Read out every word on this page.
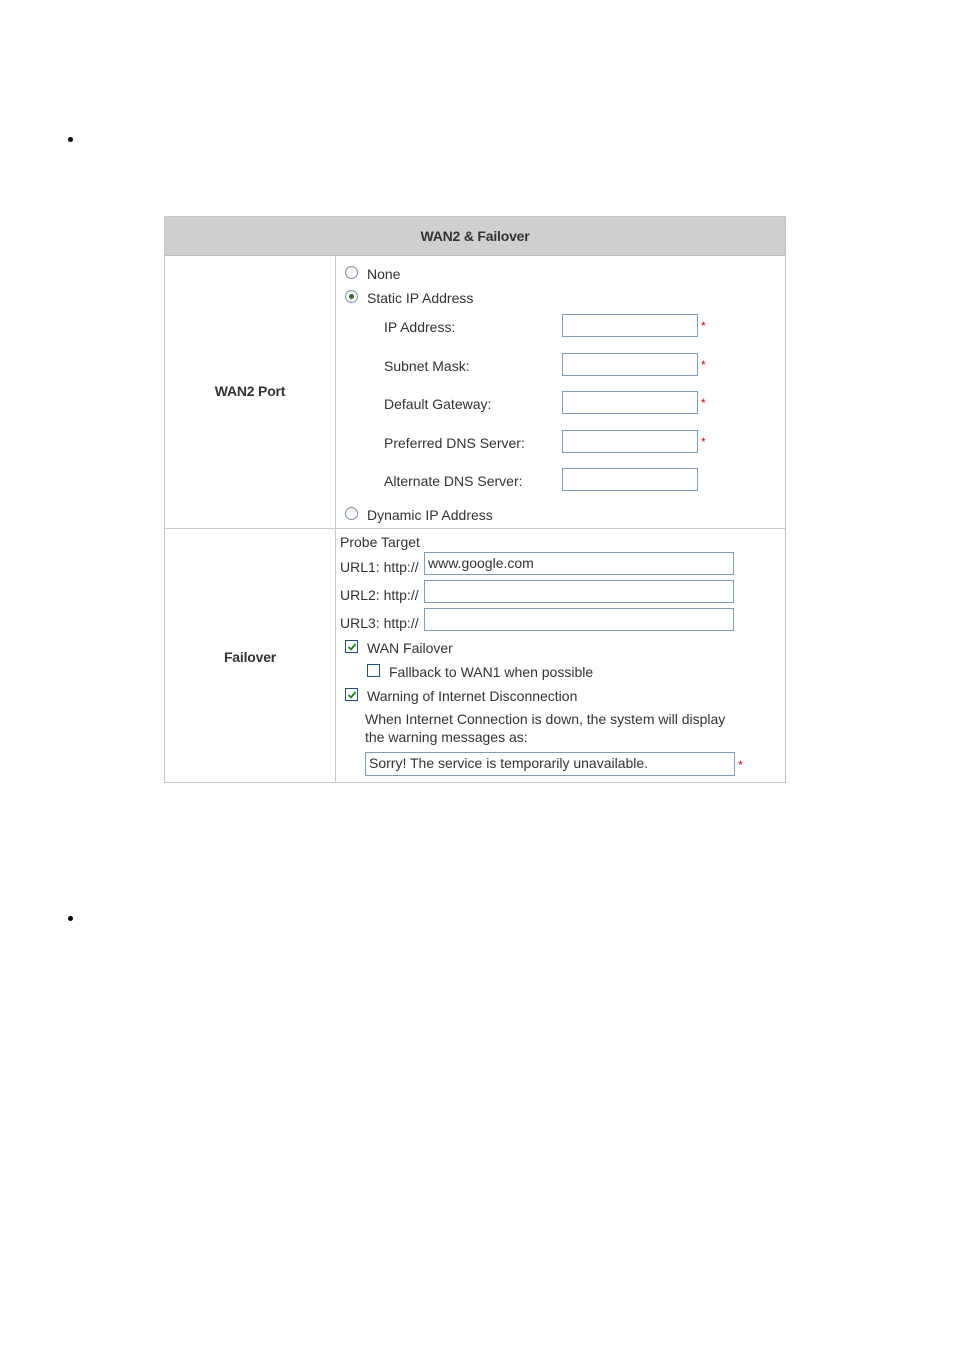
WAN2 & Failover
WAN2 Port
None
Static IP Address
IP Address:	*
Subnet Mask:	*
Default Gateway:	*
Preferred DNS Server:	*
Alternate DNS Server:
Dynamic IP Address
Failover
Probe Target
URL1: http:// www.google.com
URL2: http://
URL3: http://
WAN Failover
Fallback to WAN1 when possible
Warning of Internet Disconnection
When Internet Connection is down, the system will display
the warning messages as:
Sorry! The service is temporarily unavailable.	*
